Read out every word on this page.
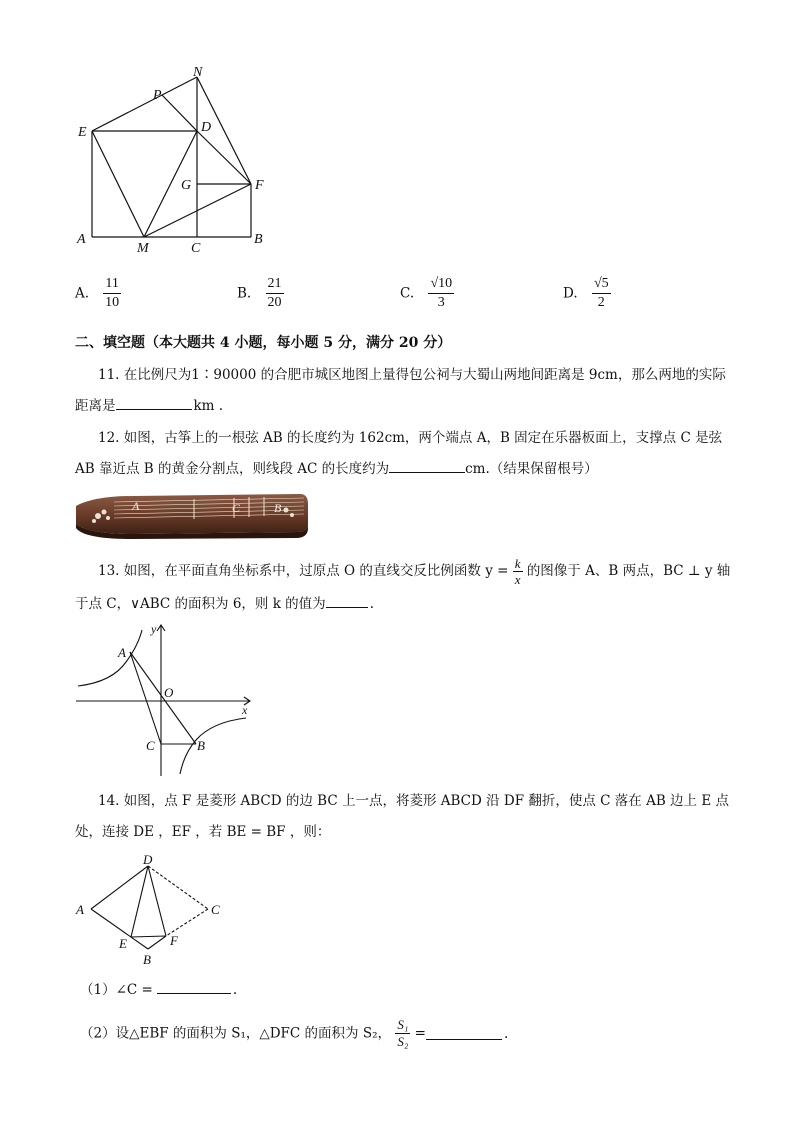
N
P
E	D
G	F
A
M	C
B
A. $\frac{11}{10}$	B. $\frac{21}{20}$	C. $\frac{√10}{3}$	D. $\frac{√5}{2}$
二、填空题（本大题共 4 小题，每小题 5 分，满分 20 分）
11. 在比例尺为1∶90000 的合肥市城区地图上量得包公祠与大蜀山两地间距离是 9cm，那么两地的实际
距离是	km .
12. 如图，古筝上的一根弦 AB 的长度约为 162cm，两个端点 A，B 固定在乐器板面上，支撑点 C 是弦
AB 靠近点 B 的黄金分割点，则线段 AC 的长度约为	cm.（结果保留根号）
A	C	B
13. 如图，在平面直角坐标系中，过原点 O 的直线交反比例函数 $y = \frac{k}{x}$ 的图像于 A、B 两点，BC ⊥ y 轴
于点 C，∨ABC 的面积为 6，则 k 的值为	.
y
x
O
A
B
C
14. 如图，点 F 是菱形 ABCD 的边 BC 上一点，将菱形 ABCD 沿 DF 翻折，使点 C 落在 AB 边上 E 点
处，连接 DE ，EF ，若 BE = BF ，则：
D
A	C
E	F
B
（1）∠C =	.
（2）设△EBF 的面积为 S₁，△DFC 的面积为 S₂， $\frac{\text{S₁}}{\text{S₂}}$ =	.
